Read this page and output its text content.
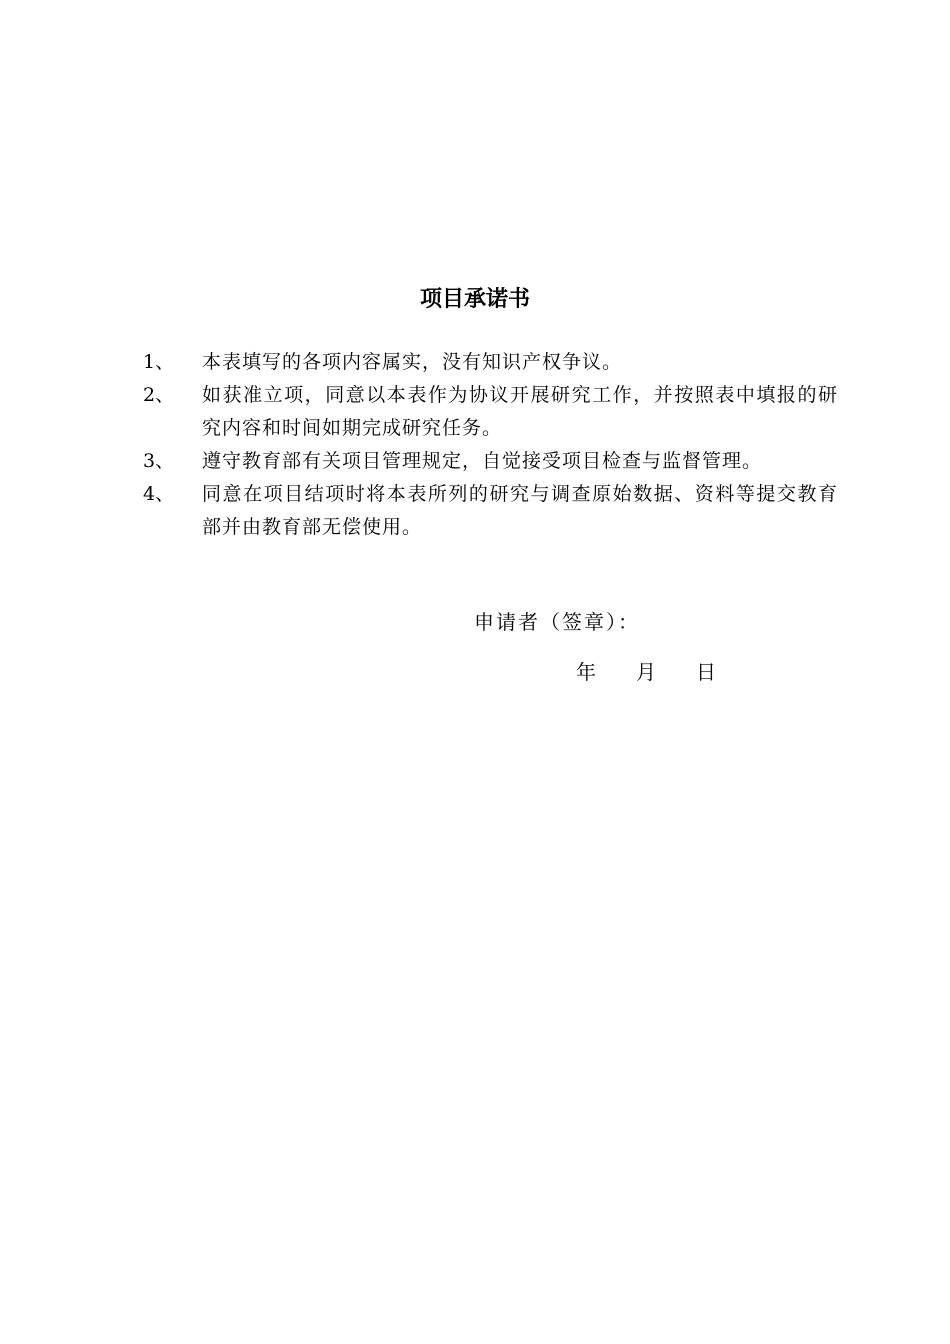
项目承诺书
1、	本表填写的各项内容属实，没有知识产权争议。
2、	如获准立项，同意以本表作为协议开展研究工作，并按照表中填报的研究内容和时间如期完成研究任务。
3、	遵守教育部有关项目管理规定，自觉接受项目检查与监督管理。
4、	同意在项目结项时将本表所列的研究与调查原始数据、资料等提交教育部并由教育部无偿使用。
申请者（签章）：
年 月 日
